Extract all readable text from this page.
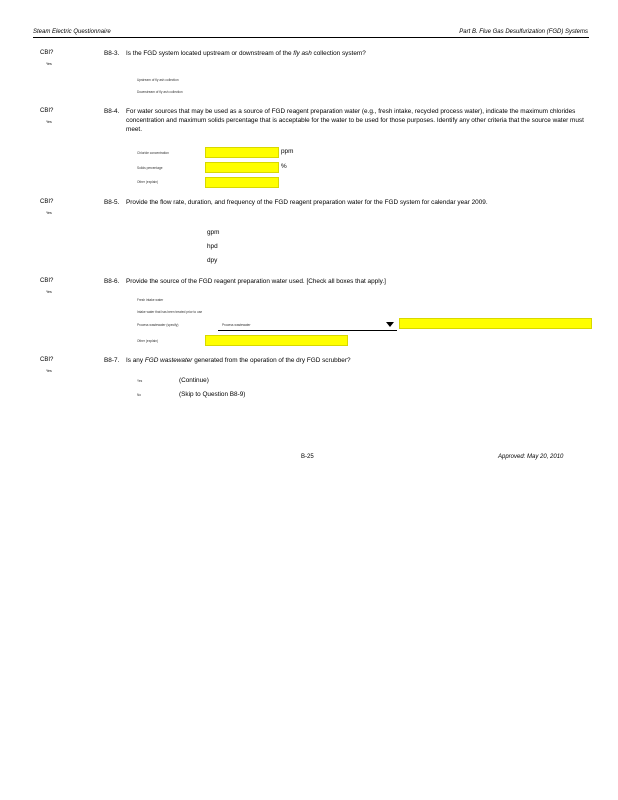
Steam Electric Questionnaire	Part B. Flue Gas Desulfurization (FGD) Systems
CBI?
Yes
B8-3. Is the FGD system located upstream or downstream of the fly ash collection system?
Upstream of fly ash collection
Downstream of fly ash collection
CBI?
Yes
B8-4. For water sources that may be used as a source of FGD reagent preparation water (e.g., fresh intake, recycled process water), indicate the maximum chlorides concentration and maximum solids percentage that is acceptable for the water to be used for those purposes. Identify any other criteria that the source water must meet.
Chloride concentration	ppm
Solids percentage	%
Other (explain)
CBI?
Yes
B8-5. Provide the flow rate, duration, and frequency of the FGD reagent preparation water for the FGD system for calendar year 2009.
gpm
hpd
dpy
CBI?
Yes
B8-6. Provide the source of the FGD reagent preparation water used. [Check all boxes that apply.]
Fresh intake water
Intake water that has been treated prior to use
Process wastewater (specify)	Process wastewater
Other (explain)
CBI?
Yes
B8-7. Is any FGD wastewater generated from the operation of the dry FGD scrubber?
Yes	(Continue)
No	(Skip to Question B8-9)
B-25	Approved: May 20, 2010
